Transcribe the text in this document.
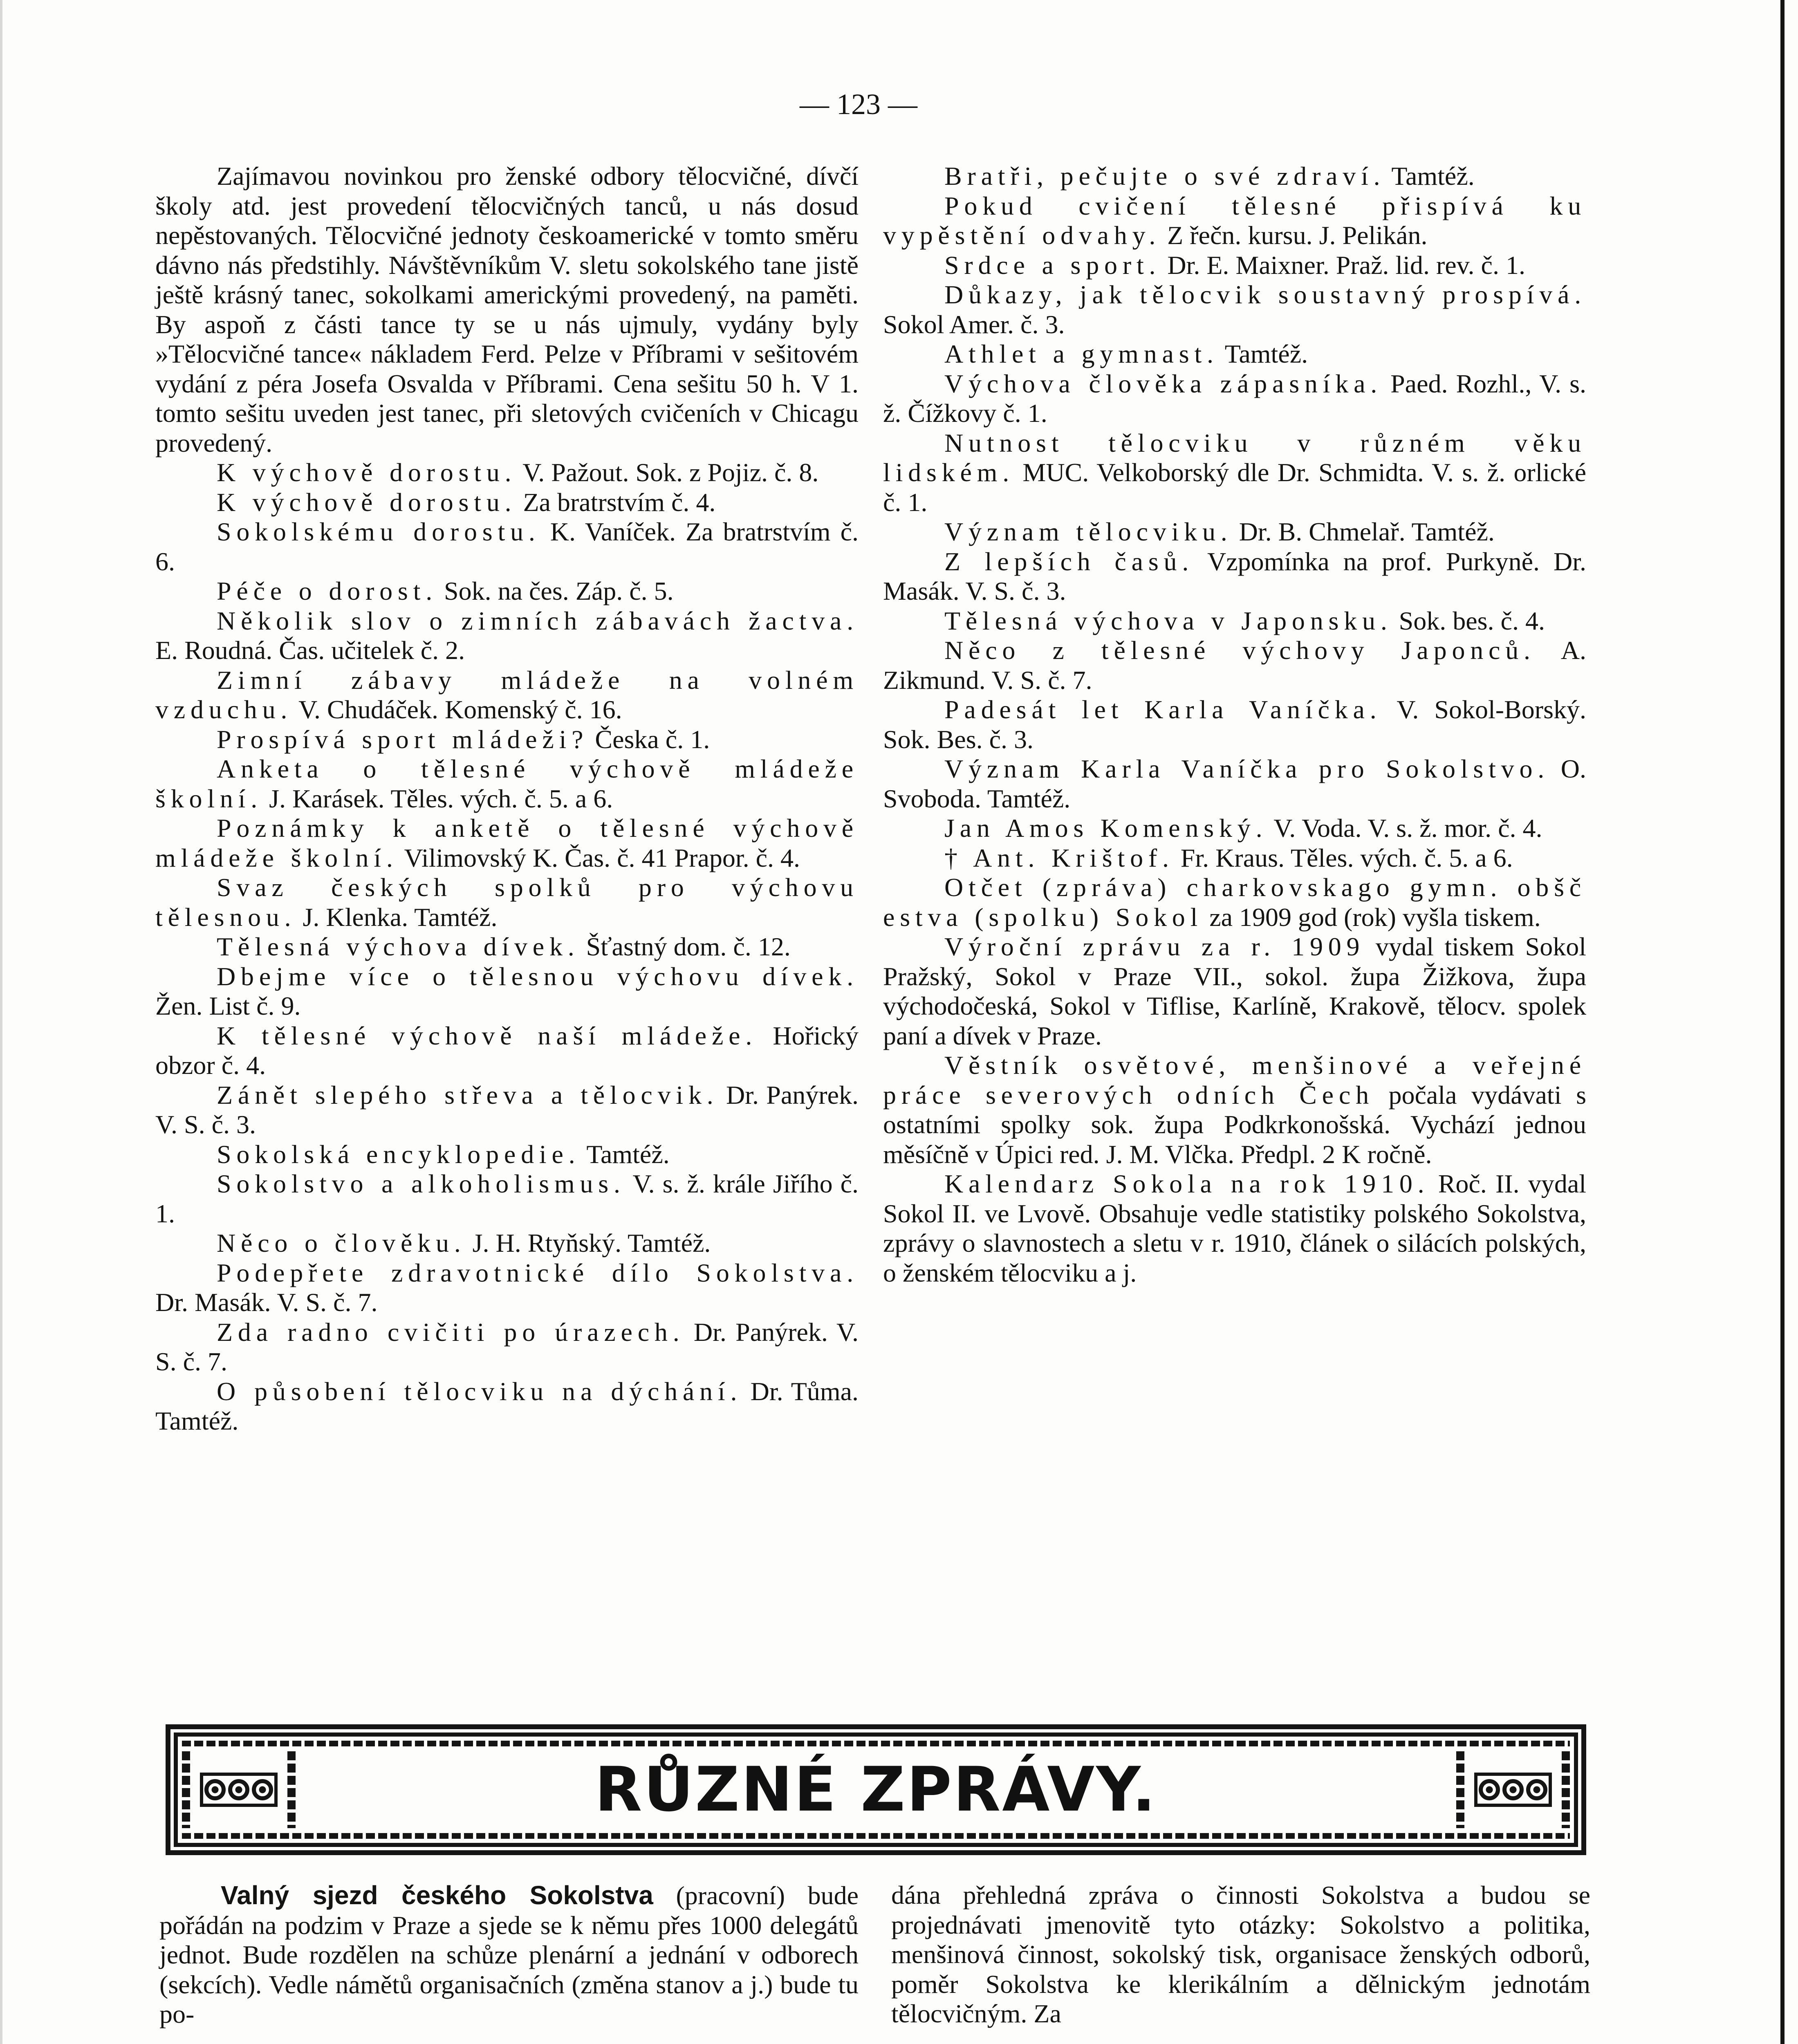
— 123 —

Zajímavou novinkou pro ženské odbory tělocvičné, dívčí školy atd. jest provedení tělocvičných tanců, u nás dosud nepěstovaných. Tělocvičné jednoty českoamerické v tomto směru dávno nás předstihly. Návštěvníkům V. sletu sokolského tane jistě ještě krásný tanec, sokolkami americkými provedený, na paměti. By aspoň z části tance ty se u nás ujmuly, vydány byly »Tělocvičné tance« nákladem Ferd. Pelze v Příbrami v sešitovém vydání z péra Josefa Osvalda v Příbrami. Cena sešitu 50 h. V 1. tomto sešitu uveden jest tanec, při sletových cvičeních v Chicagu provedený.

K výchově dorostu. V. Pažout. Sok. z Pojiz. č. 8.

K výchově dorostu. Za bratrstvím č. 4.

Sokolskému dorostu. K. Vaníček. Za bratrstvím č. 6.

Péče o dorost. Sok. na čes. Záp. č. 5.

Několik slov o zimních zábavách žactva. E. Roudná. Čas. učitelek č. 2.

Zimní zábavy mládeže na volném vzduchu. V. Chudáček. Komenský č. 16.

Prospívá sport mládeži? Česka č. 1.

Anketa o tělesné výchově mládeže školní. J. Karásek. Těles. vých. č. 5. a 6.

Poznámky k anketě o tělesné výchově mládeže školní. Vilimovský K. Čas. č. 41 Prapor. č. 4.

Svaz českých spolků pro výchovu tělesnou. J. Klenka. Tamtéž.

Tělesná výchova dívek. Šťastný dom. č. 12.

Dbejme více o tělesnou výchovu dívek. Žen. List č. 9.

K tělesné výchově naší mládeže. Hořický obzor č. 4.

Zánět slepého střeva a tělocvik. Dr. Panýrek. V. S. č. 3.

Sokolská encyklopedie. Tamtéž.

Sokolstvo a alkoholismus. V. s. ž. krále Jiřího č. 1.

Něco o člověku. J. H. Rtyňský. Tamtéž.

Podepřete zdravotnické dílo Sokolstva. Dr. Masák. V. S. č. 7.

Zda radno cvičiti po úrazech. Dr. Panýrek. V. S. č. 7.

O působení tělocviku na dýchání. Dr. Tůma. Tamtéž.

Bratři, pečujte o své zdraví. Tamtéž.

Pokud cvičení tělesné přispívá ku vypěstění odvahy. Z řečn. kursu. J. Pelikán.

Srdce a sport. Dr. E. Maixner. Praž. lid. rev. č. 1.

Důkazy, jak tělocvik soustavný prospívá. Sokol Amer. č. 3.

Athlet a gymnast. Tamtéž.

Výchova člověka zápasníka. Paed. Rozhl., V. s. ž. Čížkovy č. 1.

Nutnost tělocviku v různém věku lidském. MUC. Velkoborský dle Dr. Schmidta. V. s. ž. orlické č. 1.

Význam tělocviku. Dr. B. Chmelař. Tamtéž.

Z lepších časů. Vzpomínka na prof. Purkyně. Dr. Masák. V. S. č. 3.

Tělesná výchova v Japonsku. Sok. bes. č. 4.

Něco z tělesné výchovy Japonců. A. Zikmund. V. S. č. 7.

Padesát let Karla Vaníčka. V. Sokol-Borský. Sok. Bes. č. 3.

Význam Karla Vaníčka pro Sokolstvo. O. Svoboda. Tamtéž.

Jan Amos Komenský. V. Voda. V. s. ž. mor. č. 4.

† Ant. Krištof. Fr. Kraus. Těles. vých. č. 5. a 6.

Otčet (zpráva) charkovskago gymn. obšč estva (spolku) Sokol za 1909 god (rok) vyšla tiskem.

Výroční zprávu za r. 1909 vydal tiskem Sokol Pražský, Sokol v Praze VII., sokol. župa Žižkova, župa východočeská, Sokol v Tiflise, Karlíně, Krakově, tělocv. spolek paní a dívek v Praze.

Věstník osvětové, menšinové a veřejné práce severových odních Čech počala vydávati s ostatními spolky sok. župa Podkrkonošská. Vychází jednou měsíčně v Úpici red. J. M. Vlčka. Předpl. 2 K ročně.

Kalendarz Sokola na rok 1910. Roč. II. vydal Sokol II. ve Lvově. Obsahuje vedle statistiky polského Sokolstva, zprávy o slavnostech a sletu v r. 1910, článek o silácích polských, o ženském tělocviku a j.

RŮZNÉ ZPRÁVY.

Valný sjezd českého Sokolstva (pracovní) bude pořádán na podzim v Praze a sjede se k němu přes 1000 delegátů jednot. Bude rozdělen na schůze plenární a jednání v odborech (sekcích). Vedle námětů organisačních (změna stanov a j.) bude tu po-

dána přehledná zpráva o činnosti Sokolstva a budou se projednávati jmenovitě tyto otázky: Sokolstvo a politika, menšinová činnost, sokolský tisk, organisace ženských odborů, poměr Sokolstva ke klerikálním a dělnickým jednotám tělocvičným. Za
